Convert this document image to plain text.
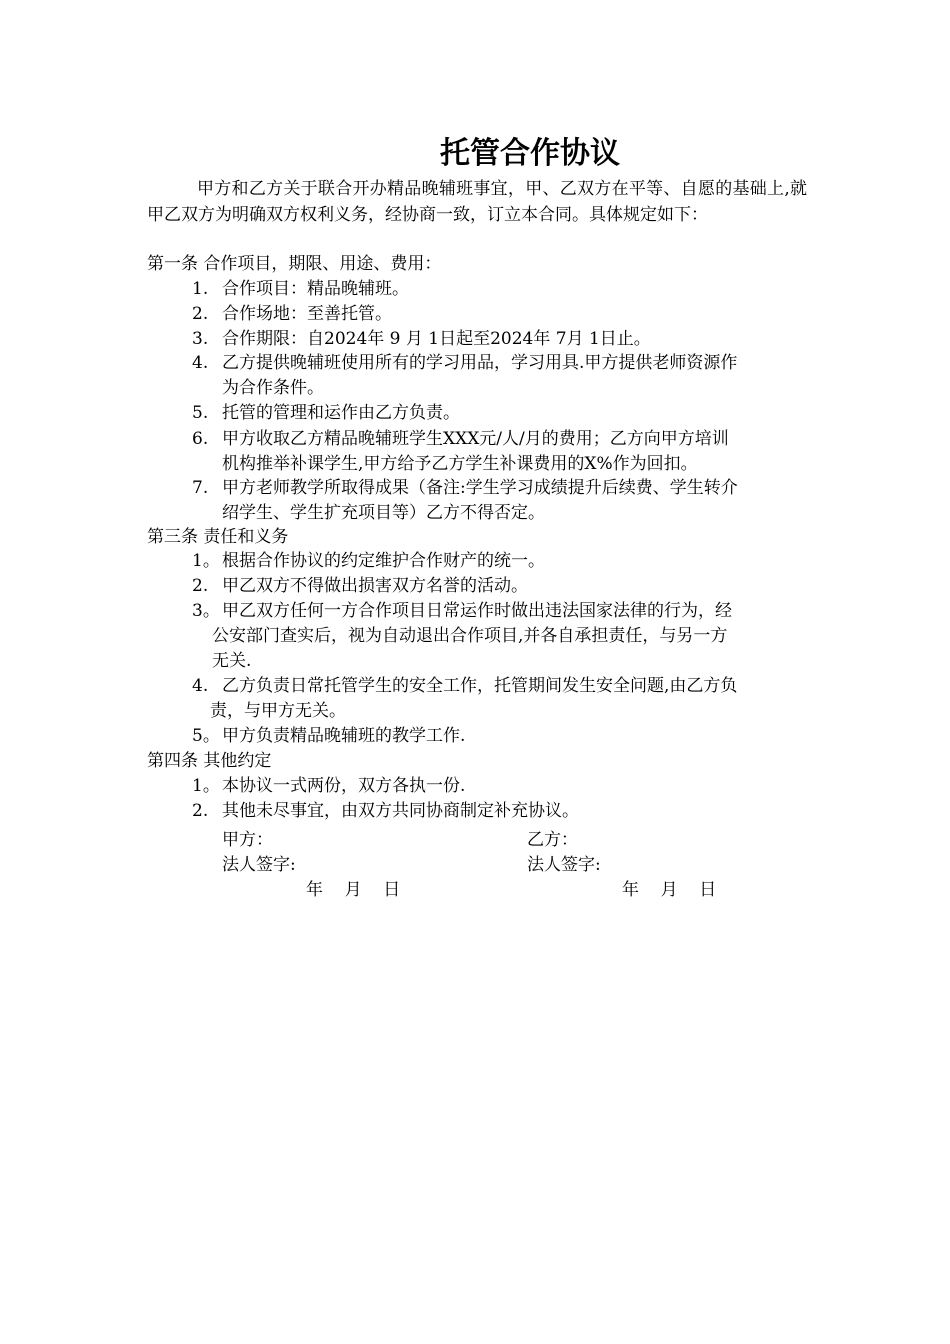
托管合作协议
甲方和乙方关于联合开办精品晚辅班事宜，甲、乙双方在平等、自愿的基础上,就甲乙双方为明确双方权利义务，经协商一致，订立本合同。具体规定如下：
第一条 合作项目，期限、用途、费用：
1. 合作项目：精品晚辅班。
2. 合作场地：至善托管。
3. 合作期限：自2024年 9 月 1日起至2024年 7月 1日止。
4. 乙方提供晚辅班使用所有的学习用品，学习用具.甲方提供老师资源作
为合作条件。
5. 托管的管理和运作由乙方负责。
6. 甲方收取乙方精品晚辅班学生XXX元/人/月的费用；乙方向甲方培训
机构推举补课学生,甲方给予乙方学生补课费用的X%作为回扣。
7. 甲方老师教学所取得成果（备注:学生学习成绩提升后续费、学生转介
绍学生、学生扩充项目等）乙方不得否定。
第三条 责任和义务
1。 根据合作协议的约定维护合作财产的统一。
2. 甲乙双方不得做出损害双方名誉的活动。
3。 甲乙双方任何一方合作项目日常运作时做出违法国家法律的行为，经
公安部门查实后，视为自动退出合作项目,并各自承担责任，与另一方
无关.
4. 乙方负责日常托管学生的安全工作，托管期间发生安全问题,由乙方负
责，与甲方无关。
5。 甲方负责精品晚辅班的教学工作.
第四条 其他约定
1。 本协议一式两份，双方各执一份.
2. 其他未尽事宜，由双方共同协商制定补充协议。
甲方：	乙方：
法人签字:	法人签字:
年    月    日	年    月    日
